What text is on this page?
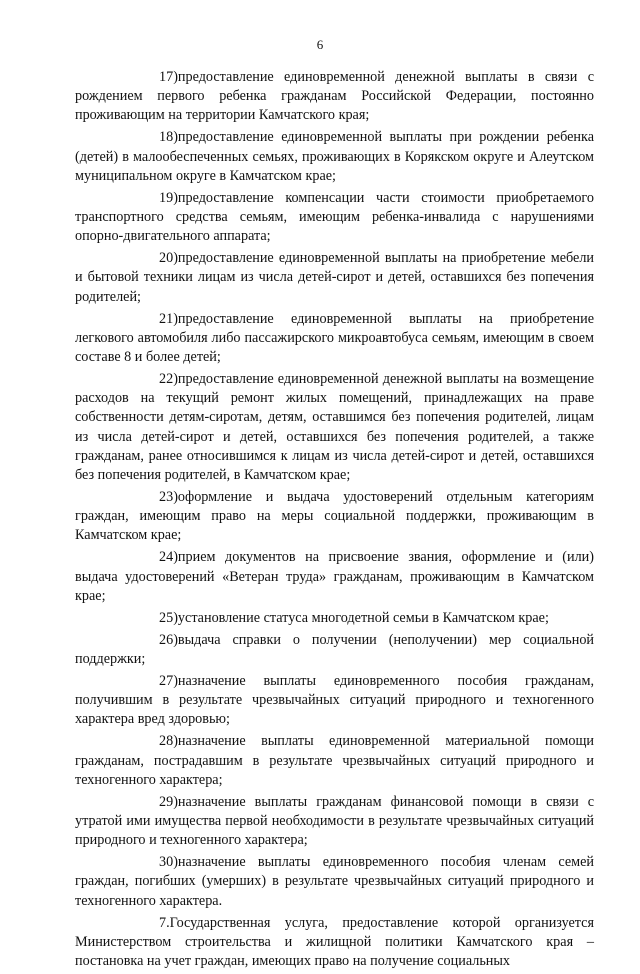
6

17)предоставление единовременной денежной выплаты в связи с рождением первого ребенка гражданам Российской Федерации, постоянно проживающим на территории Камчатского края;

18)предоставление единовременной выплаты при рождении ребенка (детей) в малообеспеченных семьях, проживающих в Корякском округе и Алеутском муниципальном округе в Камчатском крае;

19)предоставление компенсации части стоимости приобретаемого транспортного средства семьям, имеющим ребенка-инвалида с нарушениями опорно-двигательного аппарата;

20)предоставление единовременной выплаты на приобретение мебели и бытовой техники лицам из числа детей-сирот и детей, оставшихся без попечения родителей;

21)предоставление единовременной выплаты на приобретение легкового автомобиля либо пассажирского микроавтобуса семьям, имеющим в своем составе 8 и более детей;

22)предоставление единовременной денежной выплаты на возмещение расходов на текущий ремонт жилых помещений, принадлежащих на праве собственности детям-сиротам, детям, оставшимся без попечения родителей, лицам из числа детей-сирот и детей, оставшихся без попечения родителей, а также гражданам, ранее относившимся к лицам из числа детей-сирот и детей, оставшихся без попечения родителей, в Камчатском крае;

23)оформление и выдача удостоверений отдельным категориям граждан, имеющим право на меры социальной поддержки, проживающим в Камчатском крае;

24)прием документов на присвоение звания, оформление и (или) выдача удостоверений «Ветеран труда» гражданам, проживающим в Камчатском крае;

25)установление статуса многодетной семьи в Камчатском крае;

26)выдача справки о получении (неполучении) мер социальной поддержки;

27)назначение выплаты единовременного пособия гражданам, получившим в результате чрезвычайных ситуаций природного и техногенного характера вред здоровью;

28)назначение выплаты единовременной материальной помощи гражданам, пострадавшим в результате чрезвычайных ситуаций природного и техногенного характера;

29)назначение выплаты гражданам финансовой помощи в связи с утратой ими имущества первой необходимости в результате чрезвычайных ситуаций природного и техногенного характера;

30)назначение выплаты единовременного пособия членам семей граждан, погибших (умерших) в результате чрезвычайных ситуаций природного и техногенного характера.

7.Государственная услуга, предоставление которой организуется Министерством строительства и жилищной политики Камчатского края – постановка на учет граждан, имеющих право на получение социальных
